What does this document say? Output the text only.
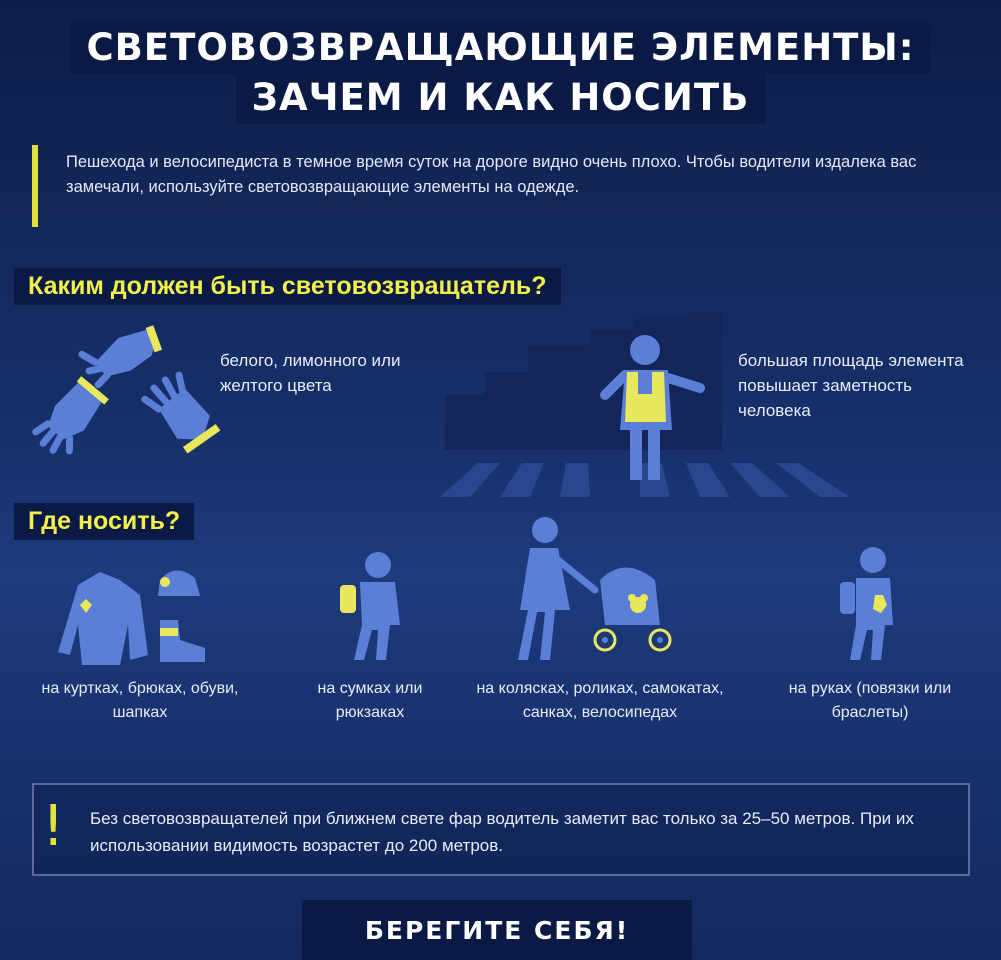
СВЕТОВОЗВРАЩАЮЩИЕ ЭЛЕМЕНТЫ:
ЗАЧЕМ И КАК НОСИТЬ
Пешехода и велосипедиста в темное время суток на дороге видно очень плохо. Чтобы водители издалека вас замечали, используйте световозвращающие элементы на одежде.
Каким должен быть световозвращатель?
белого, лимонного или желтого цвета
большая площадь элемента повышает заметность человека
Где носить?
на куртках, брюках, обуви, шапках
на сумках или рюкзаках
на колясках, роликах, самокатах, санках, велосипедах
на руках (повязки или браслеты)
! Без световозвращателей при ближнем свете фар водитель заметит вас только за 25–50 метров. При их использовании видимость возрастет до 200 метров.
БЕРЕГИТЕ СЕБЯ!
